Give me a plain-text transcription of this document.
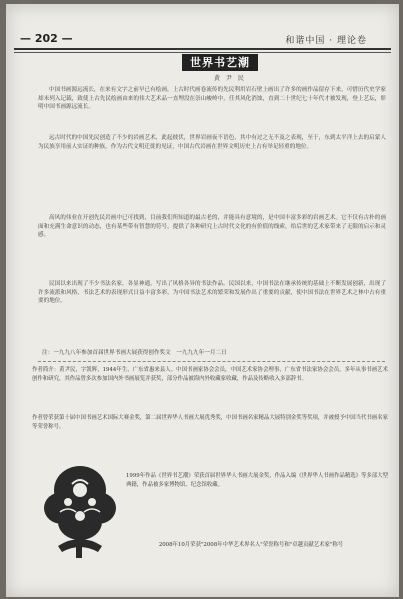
— 202 —	和谐中国 · 理论卷
世界书艺潮
黄 尹 民

中国书画源远流长，在来有文字之前早已有绘画，上古时代画卷流传的先民利用岩石壁上画出了许多的画作品留存下来，可惜历代史学家却未列入记载，致使上古先民绘画由来的伟大艺术品一直埋没在崇山峻岭中，任其风化消蚀，直到二十世纪七十年代才被发现，登上艺坛，彰明中国书画源远流长。

远古时代的中国先民创造了不少的岩画艺术，此起彼伏，世界岩画夜不语色，其中有过之无不及之表现，至于，东到太平洋上去的启蒙人为民族享用前人实证的种族，作为古代文明迁徙的见证，中国古代岩画在世界文明历史上占有举足轻重的地位。

高风的伟业在开创先民岩画中已可找到，目前我们所知道的最古老的，并能具有意境的，是中国丰富多彩的岩画艺术。它不仅有古朴的画面和充满生命意识的动态，也有某些带有智慧的符号，提供了各种研究上古时代文化的有价值的线索，给后世的艺术家带来了无限的启示和灵感。

民国以来出现了不少书法名家，各显神通，写出了风格各异的书法作品。民国以来，中国书法在继承传统的基础上不断发展创新，出现了许多流派和风格，书法艺术的表现形式日益丰富多彩，为中国书法艺术的繁荣和发展作出了重要的贡献，使中国书法在世界艺术之林中占有重要的地位。

注：一九九八年参加首届世界书画大展获得创作奖文　一九九九年一月二日

作者简介：黄尹民，字凯辉，1944年生，广东省惠来县人。中国书画家协会会员，中国艺术家协会理事，广东省书法家协会会员，多年从事书画艺术创作和研究，其作品曾多次参加国内外书画展览并获奖，部分作品被海内外收藏家收藏，作品及传略收入多部辞书。

作者曾荣获第十届中国书画艺术国际大赛金奖，第二届世界华人书画大展优秀奖，中国书画名家精品大展特别金奖等奖项，并被授予中国当代书画名家等荣誉称号。

1999年作品《世界书艺潮》荣获首届世界华人书画大展金奖，作品入编《世界华人书画作品精选》等多部大型典籍，作品被多家博物馆、纪念馆收藏。

2008年10月荣获"2008年中华艺术界名人"荣誉称号和"卓越贡献艺术家"称号
